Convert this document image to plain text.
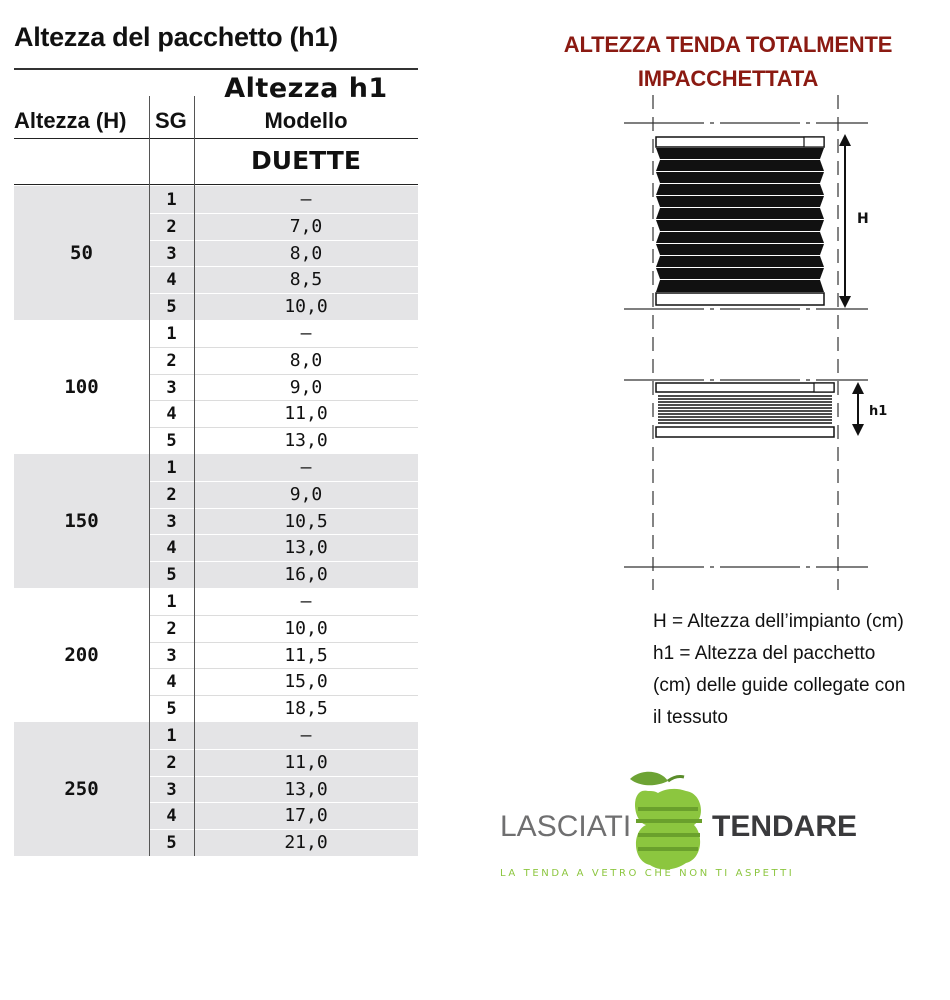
Altezza del pacchetto (h1)
Altezza h1
Altezza (H) SG	Modello
DUETTE
50
1	–
2	7,0
3	8,0
4	8,5
5	10,0
100
1	–
2	8,0
3	9,0
4	11,0
5	13,0
150
1	–
2	9,0
3	10,5
4	13,0
5	16,0
200
1	–
2	10,0
3	11,5
4	15,0
5	18,5
250
1	–
2	11,0
3	13,0
4	17,0
5	21,0
ALTEZZA TENDA TOTALMENTE
IMPACCHETTATA
H
h1
H = Altezza dell’impianto (cm)
h1 = Altezza del pacchetto
(cm) delle guide collegate con
il tessuto
LASCIATI	TENDARE
LA TENDA A VETRO CHE NON TI ASPETTI
